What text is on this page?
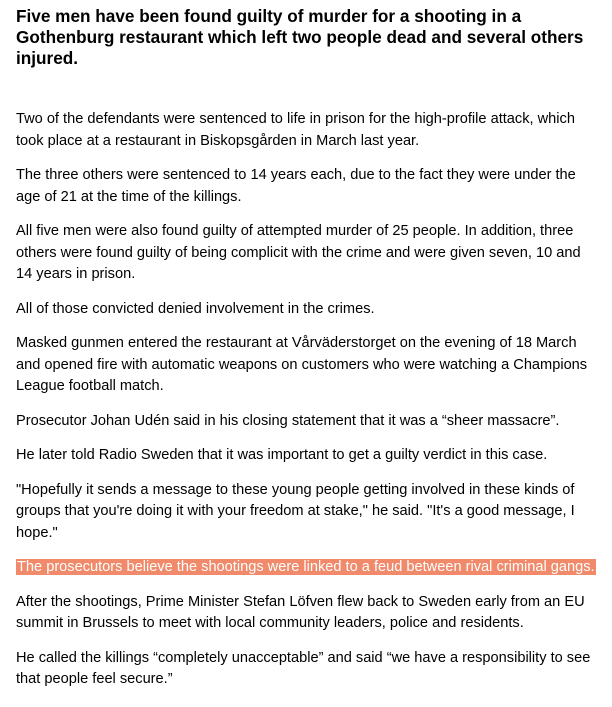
Five men have been found guilty of murder for a shooting in a Gothenburg restaurant which left two people dead and several others injured.

Two of the defendants were sentenced to life in prison for the high-profile attack, which took place at a restaurant in Biskopsgården in March last year.

The three others were sentenced to 14 years each, due to the fact they were under the age of 21 at the time of the killings.

All five men were also found guilty of attempted murder of 25 people. In addition, three others were found guilty of being complicit with the crime and were given seven, 10 and 14 years in prison.

All of those convicted denied involvement in the crimes.

Masked gunmen entered the restaurant at Vårväderstorget on the evening of 18 March and opened fire with automatic weapons on customers who were watching a Champions League football match.

Prosecutor Johan Udén said in his closing statement that it was a “sheer massacre”.

He later told Radio Sweden that it was important to get a guilty verdict in this case.

"Hopefully it sends a message to these young people getting involved in these kinds of groups that you're doing it with your freedom at stake," he said. "It's a good message, I hope."

The prosecutors believe the shootings were linked to a feud between rival criminal gangs.

After the shootings, Prime Minister Stefan Löfven flew back to Sweden early from an EU summit in Brussels to meet with local community leaders, police and residents.

He called the killings “completely unacceptable” and said “we have a responsibility to see that people feel secure.”
